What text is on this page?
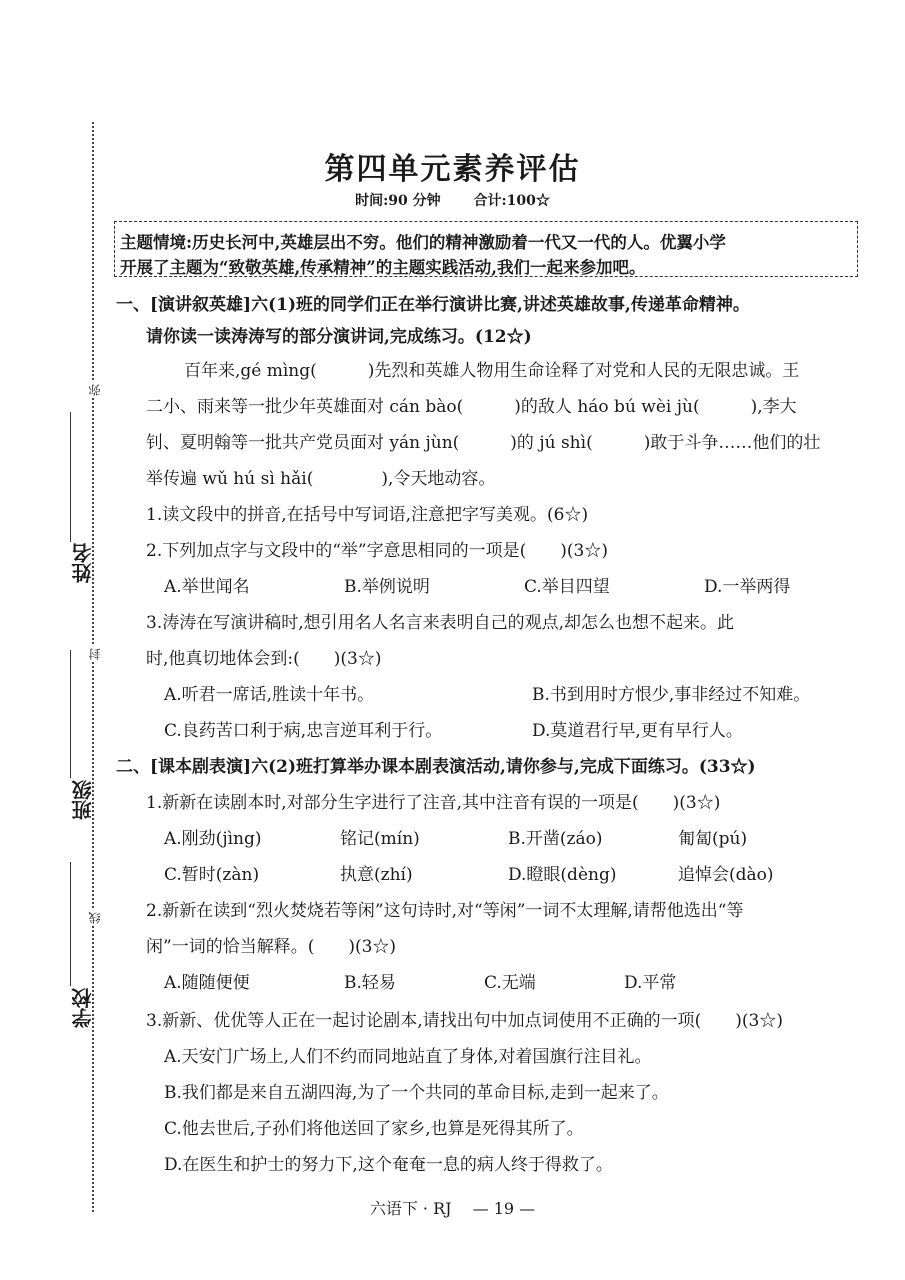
弥
封
线
姓名
班级
学校
第四单元素养评估
时间:90 分钟 合计:100☆
主题情境:历史长河中,英雄层出不穷。他们的精神激励着一代又一代的人。优翼小学
开展了主题为“致敬英雄,传承精神”的主题实践活动,我们一起来参加吧。
一、[演讲叙英雄]六(1)班的同学们正在举行演讲比赛,讲述英雄故事,传递革命精神。
请你读一读涛涛写的部分演讲词,完成练习。(12☆)
百年来,gé mìng(　　　)先烈和英雄人物用生命诠释了对党和人民的无限忠诚。王
二小、雨来等一批少年英雄面对 cán bào(　　　)的敌人 háo bú wèi jù(　　　),李大
钊、夏明翰等一批共产党员面对 yán jùn(　　　)的 jú shì(　　　)敢于斗争……他们的壮
举传遍 wǔ hú sì hǎi(　　　　),令天地动容。
1.读文段中的拼音,在括号中写词语,注意把字写美观。(6☆)
2.下列加点字与文段中的“举”字意思相同的一项是(　　)(3☆)
A.举世闻名	B.举例说明	C.举目四望	D.一举两得
3.涛涛在写演讲稿时,想引用名人名言来表明自己的观点,却怎么也想不起来。此
时,他真切地体会到:(　　)(3☆)
A.听君一席话,胜读十年书。	B.书到用时方恨少,事非经过不知难。
C.良药苦口利于病,忠言逆耳利于行。	D.莫道君行早,更有早行人。
二、[课本剧表演]六(2)班打算举办课本剧表演活动,请你参与,完成下面练习。(33☆)
1.新新在读剧本时,对部分生字进行了注音,其中注音有误的一项是(　　)(3☆)
A.刚劲(jìng)	铭记(mín)	B.开凿(záo)	匍匐(pú)
C.暂时(zàn)	执意(zhí)	D.瞪眼(dèng)	追悼会(dào)
2.新新在读到“烈火焚烧若等闲”这句诗时,对“等闲”一词不太理解,请帮他选出“等
闲”一词的恰当解释。(　　)(3☆)
A.随随便便	B.轻易	C.无端	D.平常
3.新新、优优等人正在一起讨论剧本,请找出句中加点词使用不正确的一项(　　)(3☆)
A.天安门广场上,人们不约而同地站直了身体,对着国旗行注目礼。
B.我们都是来自五湖四海,为了一个共同的革命目标,走到一起来了。
C.他去世后,子孙们将他送回了家乡,也算是死得其所了。
D.在医生和护士的努力下,这个奄奄一息的病人终于得救了。
六语下 · RJ — 19 —
